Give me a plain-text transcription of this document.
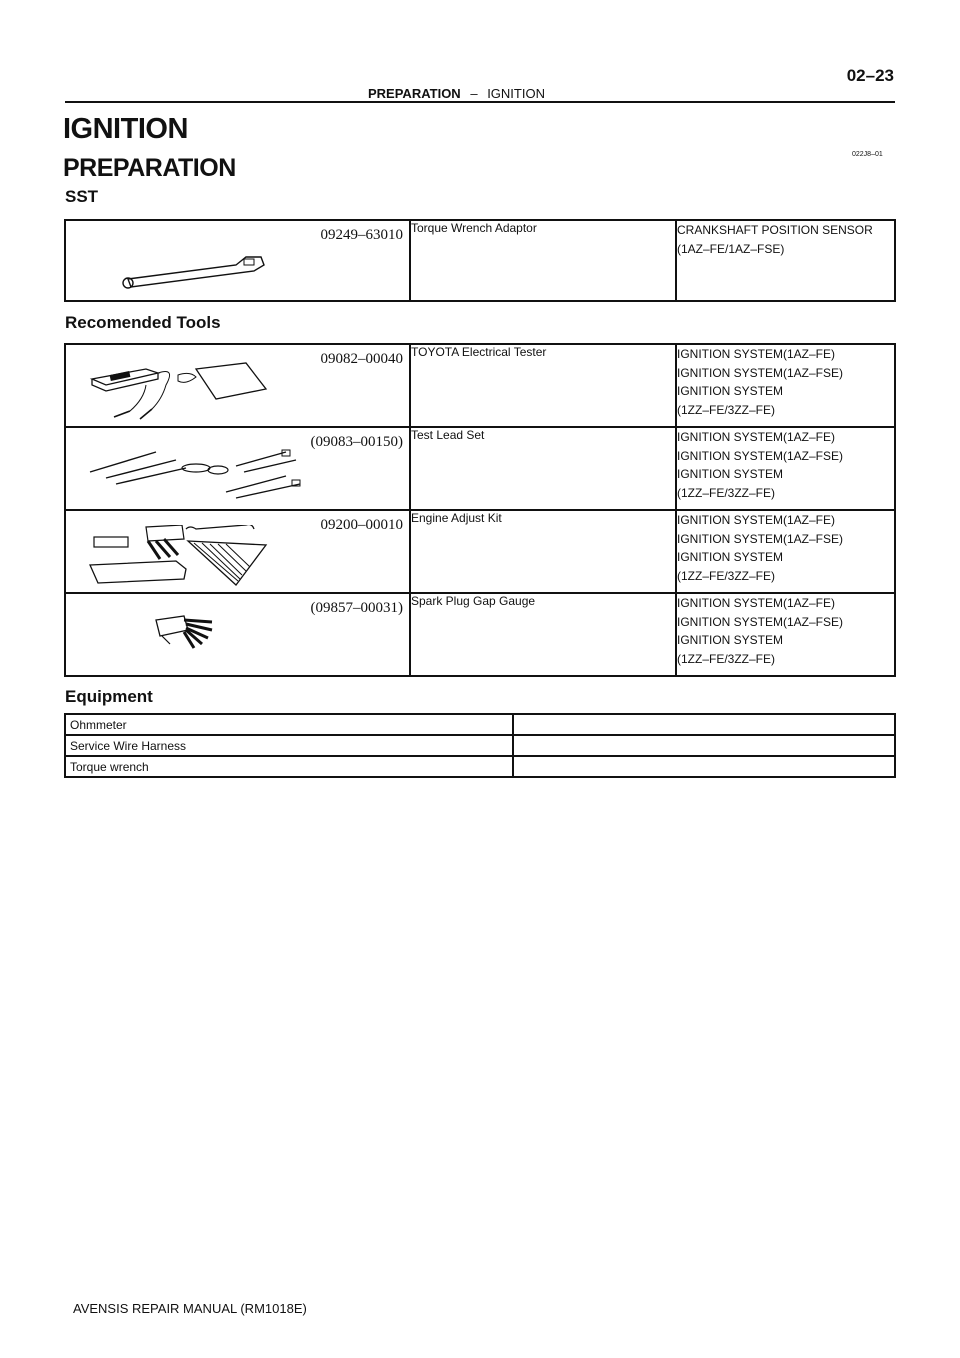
PREPARATION – IGNITION
02–23
IGNITION
PREPARATION	022J8–01
SST
09249–63010	Torque Wrench Adaptor	CRANKSHAFT POSITION SENSOR
(1AZ–FE/1AZ–FSE)
Recomended Tools
09082–00040	TOYOTA Electrical Tester	IGNITION SYSTEM(1AZ–FE)
IGNITION SYSTEM(1AZ–FSE)
IGNITION SYSTEM
(1ZZ–FE/3ZZ–FE)

(09083–00150)	Test Lead Set	IGNITION SYSTEM(1AZ–FE)
IGNITION SYSTEM(1AZ–FSE)
IGNITION SYSTEM
(1ZZ–FE/3ZZ–FE)

09200–00010	Engine Adjust Kit	IGNITION SYSTEM(1AZ–FE)
IGNITION SYSTEM(1AZ–FSE)
IGNITION SYSTEM
(1ZZ–FE/3ZZ–FE)

(09857–00031)	Spark Plug Gap Gauge	IGNITION SYSTEM(1AZ–FE)
IGNITION SYSTEM(1AZ–FSE)
IGNITION SYSTEM
(1ZZ–FE/3ZZ–FE)
Equipment
Ohmmeter	
Service Wire Harness	
Torque wrench	
AVENSIS REPAIR MANUAL (RM1018E)
